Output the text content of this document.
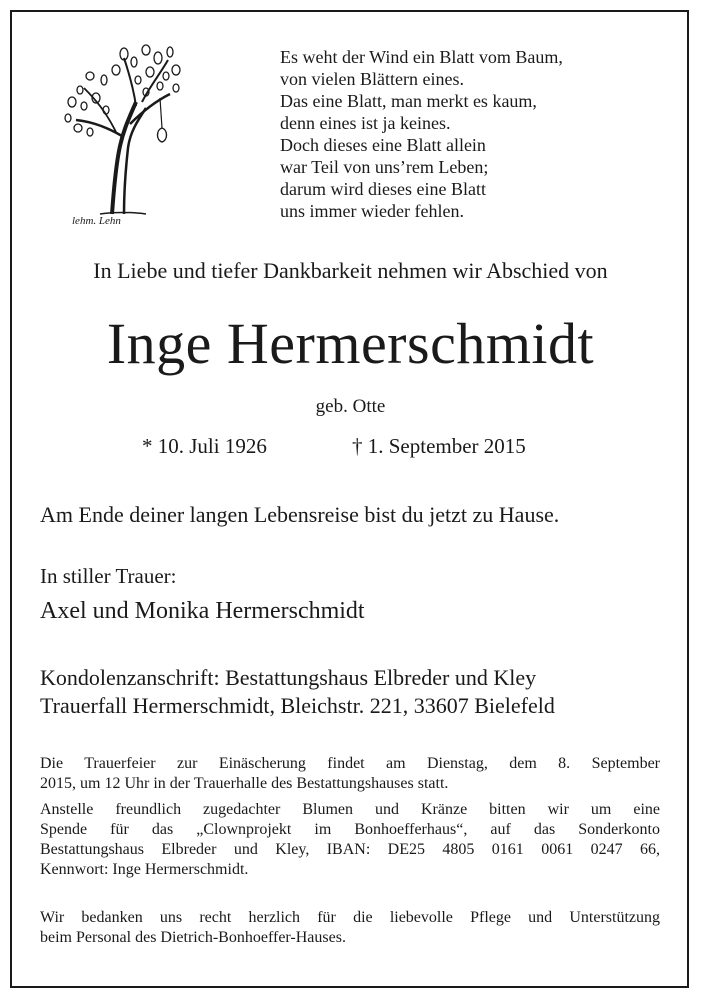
lehm. Lehn
Es weht der Wind ein Blatt vom Baum,
von vielen Blättern eines.
Das eine Blatt, man merkt es kaum,
denn eines ist ja keines.
Doch dieses eine Blatt allein
war Teil von uns’rem Leben;
darum wird dieses eine Blatt
uns immer wieder fehlen.
In Liebe und tiefer Dankbarkeit nehmen wir Abschied von
Inge Hermerschmidt
geb. Otte
* 10. Juli 1926	† 1. September 2015
Am Ende deiner langen Lebensreise bist du jetzt zu Hause.
In stiller Trauer:
Axel und Monika Hermerschmidt
Kondolenzanschrift: Bestattungshaus Elbreder und Kley
Trauerfall Hermerschmidt, Bleichstr. 221, 33607 Bielefeld
Die Trauerfeier zur Einäscherung findet am Dienstag, dem 8. September
2015, um 12 Uhr in der Trauerhalle des Bestattungshauses statt.
Anstelle freundlich zugedachter Blumen und Kränze bitten wir um eine
Spende für das „Clownprojekt im Bonhoefferhaus“, auf das Sonderkonto
Bestattungshaus Elbreder und Kley, IBAN: DE25 4805 0161 0061 0247 66,
Kennwort: Inge Hermerschmidt.
Wir bedanken uns recht herzlich für die liebevolle Pflege und Unterstützung
beim Personal des Dietrich-Bonhoeffer-Hauses.
